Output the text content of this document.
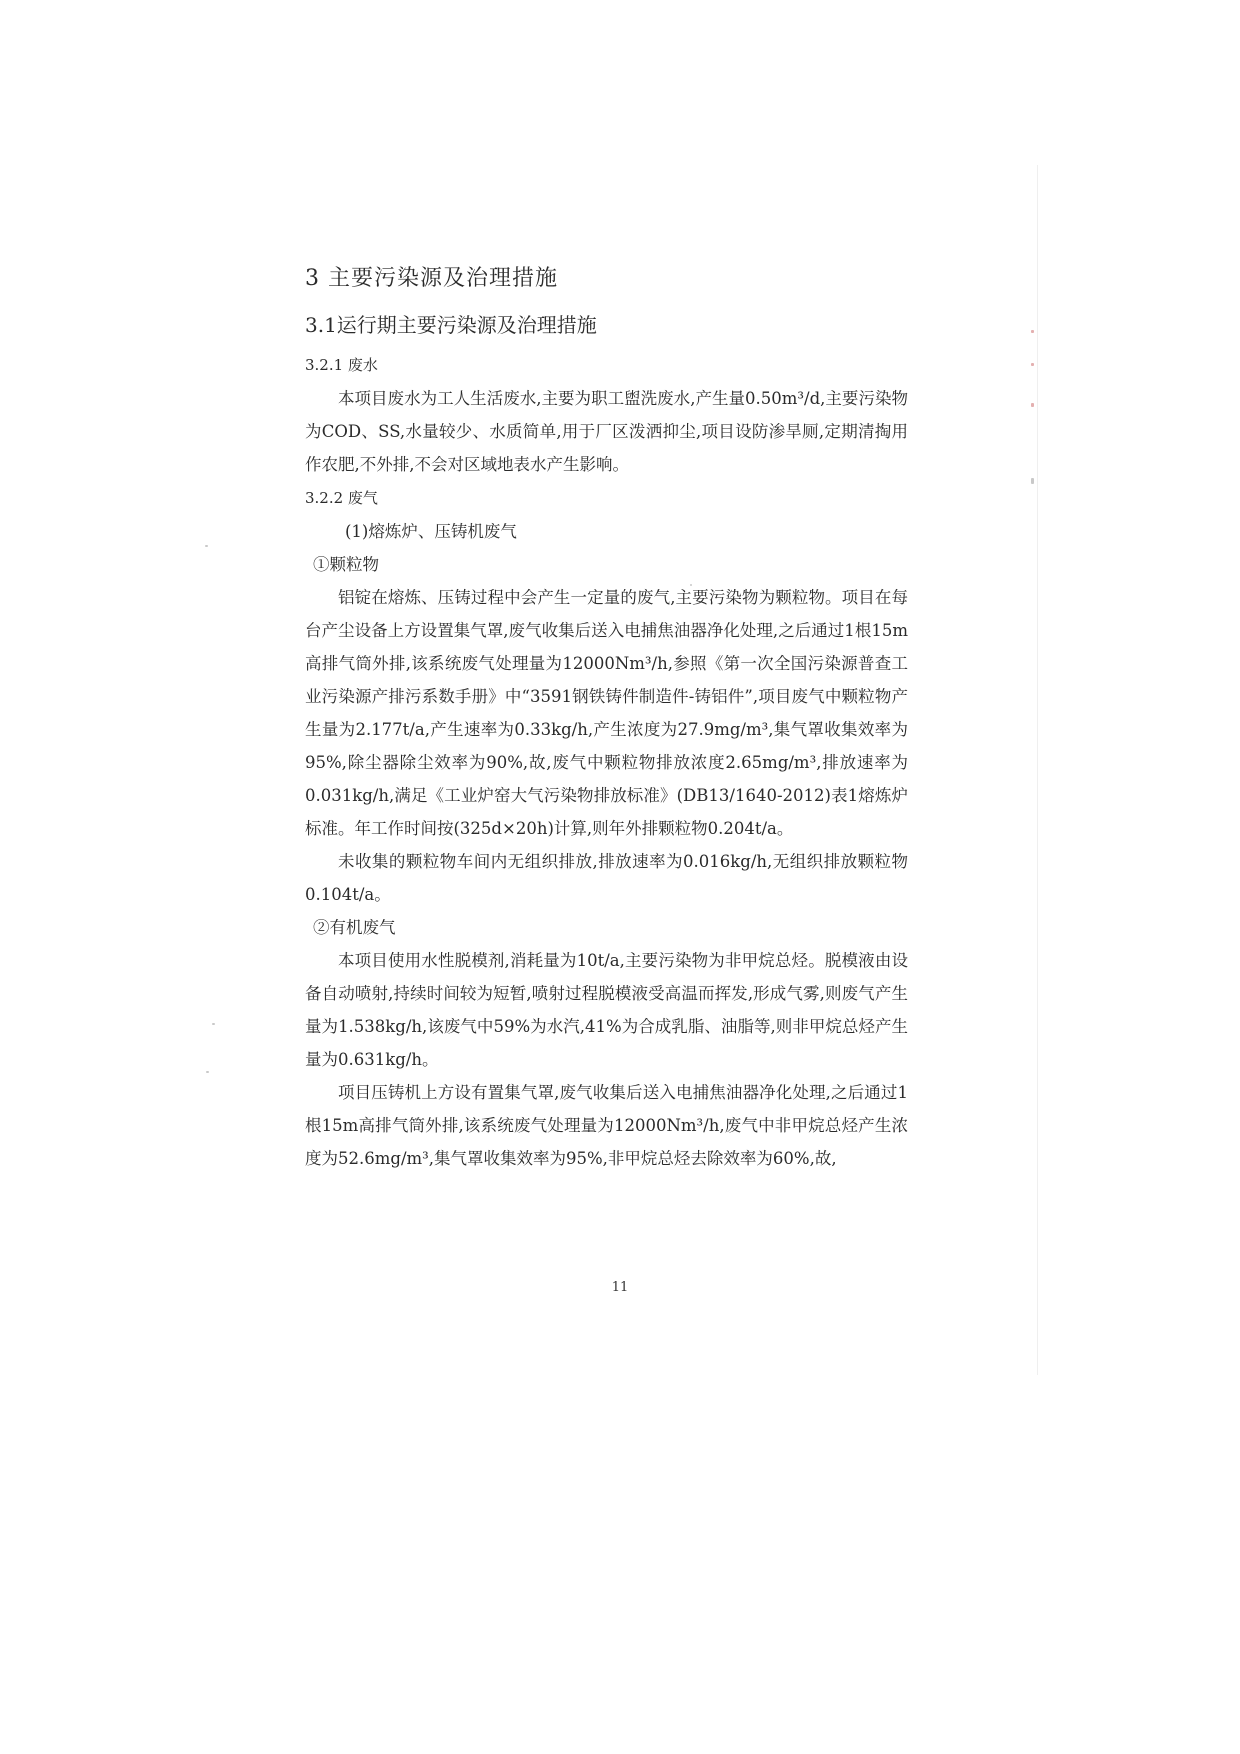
3 主要污染源及治理措施
3.1运行期主要污染源及治理措施
3.2.1 废水

本项目废水为工人生活废水,主要为职工盥洗废水,产生量0.50m³/d,主要污染物为COD、SS,水量较少、水质简单,用于厂区泼洒抑尘,项目设防渗旱厕,定期清掏用作农肥,不外排,不会对区域地表水产生影响。

3.2.2 废气

(1)熔炼炉、压铸机废气

①颗粒物

铝锭在熔炼、压铸过程中会产生一定量的废气,主要污染物为颗粒物。项目在每台产尘设备上方设置集气罩,废气收集后送入电捕焦油器净化处理,之后通过1根15m高排气筒外排,该系统废气处理量为12000Nm³/h,参照《第一次全国污染源普查工业污染源产排污系数手册》中“3591钢铁铸件制造件-铸铝件”,项目废气中颗粒物产生量为2.177t/a,产生速率为0.33kg/h,产生浓度为27.9mg/m³,集气罩收集效率为95%,除尘器除尘效率为90%,故,废气中颗粒物排放浓度2.65mg/m³,排放速率为0.031kg/h,满足《工业炉窑大气污染物排放标准》(DB13/1640-2012)表1熔炼炉标准。年工作时间按(325d×20h)计算,则年外排颗粒物0.204t/a。

未收集的颗粒物车间内无组织排放,排放速率为0.016kg/h,无组织排放颗粒物0.104t/a。

②有机废气

本项目使用水性脱模剂,消耗量为10t/a,主要污染物为非甲烷总烃。脱模液由设备自动喷射,持续时间较为短暂,喷射过程脱模液受高温而挥发,形成气雾,则废气产生量为1.538kg/h,该废气中59%为水汽,41%为合成乳脂、油脂等,则非甲烷总烃产生量为0.631kg/h。

项目压铸机上方设有置集气罩,废气收集后送入电捕焦油器净化处理,之后通过1根15m高排气筒外排,该系统废气处理量为12000Nm³/h,废气中非甲烷总烃产生浓度为52.6mg/m³,集气罩收集效率为95%,非甲烷总烃去除效率为60%,故,

11
